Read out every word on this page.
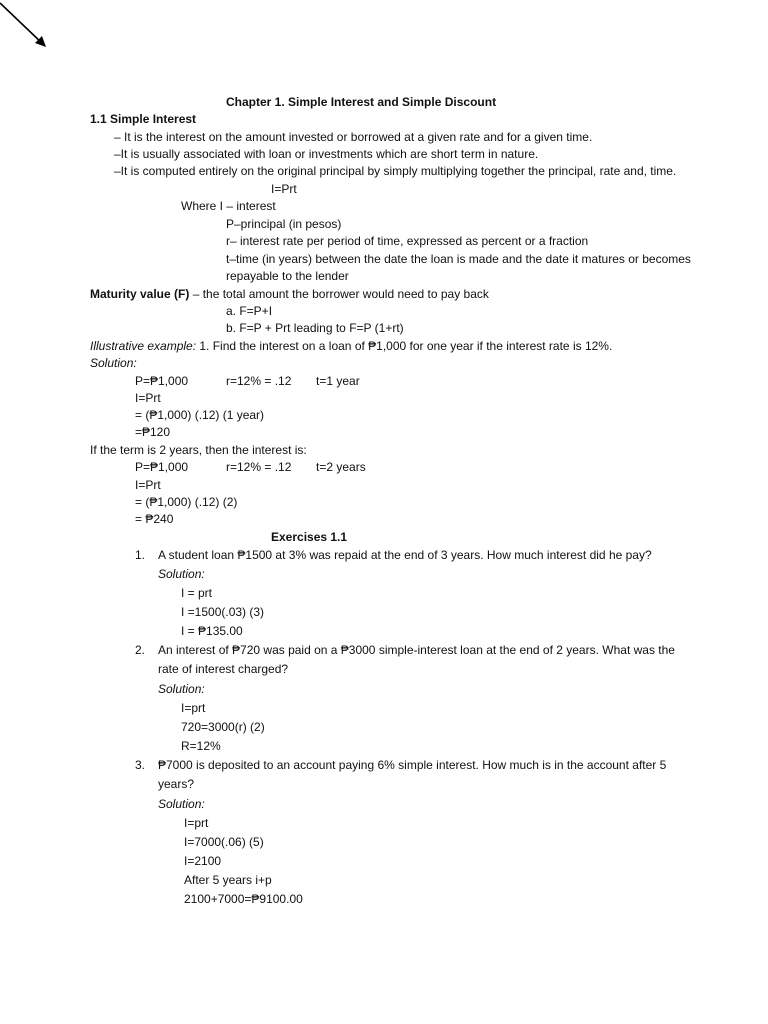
Chapter 1. Simple Interest and Simple Discount
1.1 Simple Interest
– It is the interest on the amount invested or borrowed at a given rate and for a given time.
–It is usually associated with loan or investments which are short term in nature.
–It is computed entirely on the original principal by simply multiplying together the principal, rate and, time.
I=Prt
Where I – interest
P–principal (in pesos)
r– interest rate per period of time, expressed as percent or a fraction
t–time (in years) between the date the loan is made and the date it matures or becomes
repayable to the lender
Maturity value (F) – the total amount the borrower would need to pay back
a. F=P+I
b. F=P + Prt leading to F=P (1+rt)
Illustrative example: 1. Find the interest on a loan of ₱1,000 for one year if the interest rate is 12%.
Solution:
P=₱1,000	r=12% = .12 t=1 year
I=Prt
= (₱1,000) (.12) (1 year)
=₱120
If the term is 2 years, then the interest is:
P=₱1,000	r=12% = .12 t=2 years
I=Prt
= (₱1,000) (.12) (2)
= ₱240
Exercises 1.1
1. A student loan ₱1500 at 3% was repaid at the end of 3 years. How much interest did he pay?
Solution:
I = prt
I =1500(.03) (3)
I = ₱135.00
2. An interest of ₱720 was paid on a ₱3000 simple-interest loan at the end of 2 years. What was the
rate of interest charged?
Solution:
I=prt
720=3000(r) (2)
R=12%
3. ₱7000 is deposited to an account paying 6% simple interest. How much is in the account after 5
years?
Solution:
I=prt
I=7000(.06) (5)
I=2100
After 5 years i+p
2100+7000=₱9100.00
